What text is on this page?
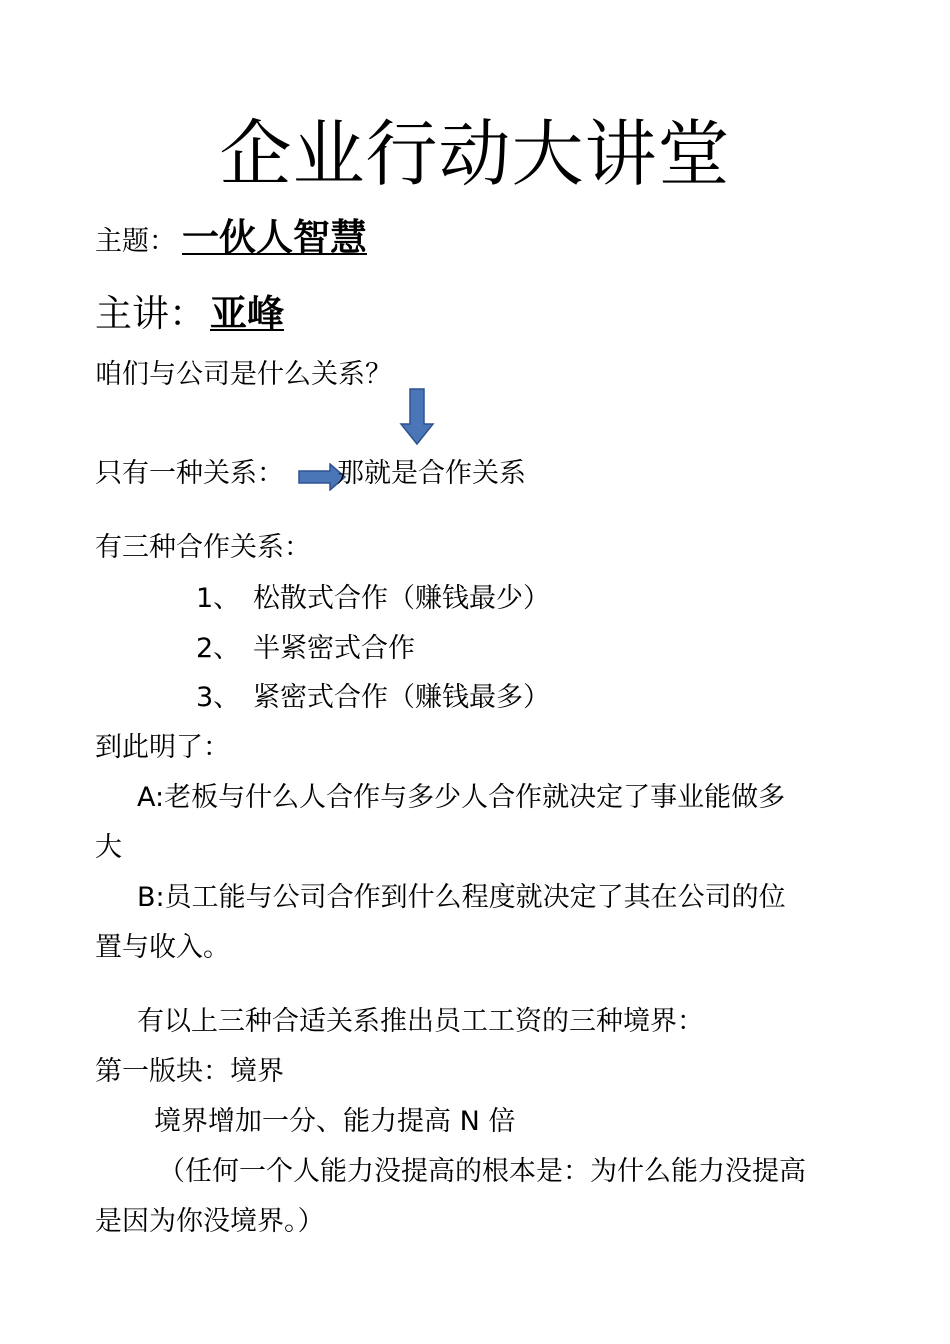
企业行动大讲堂
主题： 一伙人智慧
主讲： 亚峰
咱们与公司是什么关系？
只有一种关系： 那就是合作关系
有三种合作关系：
1、 松散式合作（赚钱最少）
2、 半紧密式合作
3、 紧密式合作（赚钱最多）
到此明了：
A:老板与什么人合作与多少人合作就决定了事业能做多
大
B:员工能与公司合作到什么程度就决定了其在公司的位
置与收入。
有以上三种合适关系推出员工工资的三种境界：
第一版块：境界
境界增加一分、能力提高 N 倍
（任何一个人能力没提高的根本是：为什么能力没提高
是因为你没境界。）
